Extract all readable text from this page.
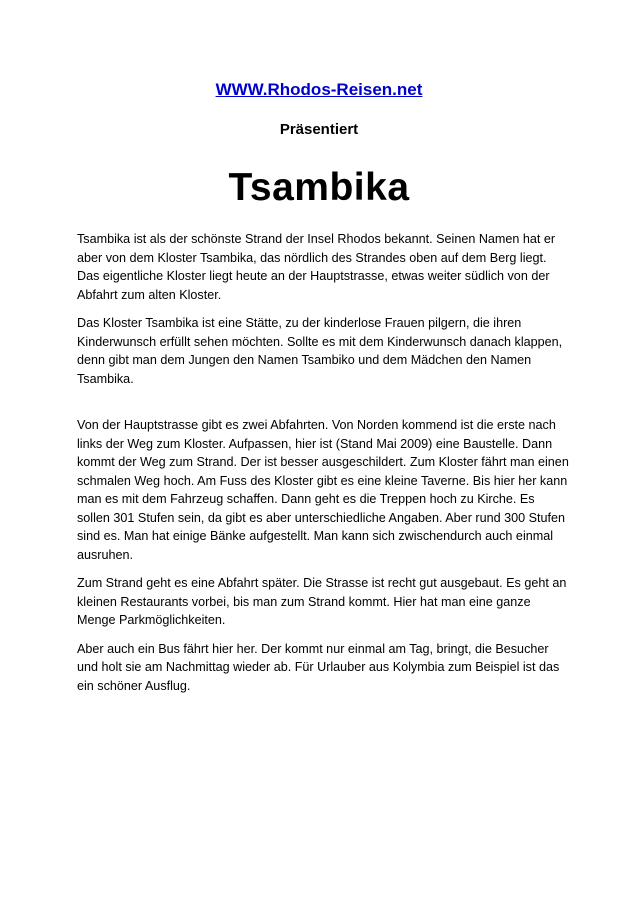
WWW.Rhodos-Reisen.net
Präsentiert
Tsambika

Tsambika ist als der schönste Strand der Insel Rhodos bekannt. Seinen Namen hat er aber von dem Kloster Tsambika, das nördlich des Strandes oben auf dem Berg liegt. Das eigentliche Kloster liegt heute an der Hauptstrasse, etwas weiter südlich von der Abfahrt zum alten Kloster.

Das Kloster Tsambika ist eine Stätte, zu der kinderlose Frauen pilgern, die ihren Kinderwunsch erfüllt sehen möchten. Sollte es mit dem Kinderwunsch danach klappen, denn gibt man dem Jungen den Namen Tsambiko und dem Mädchen den Namen Tsambika.

Von der Hauptstrasse gibt es zwei Abfahrten. Von Norden kommend ist die erste nach links der Weg zum Kloster. Aufpassen, hier ist (Stand Mai 2009) eine Baustelle. Dann kommt der Weg zum Strand. Der ist besser ausgeschildert. Zum Kloster fährt man einen schmalen Weg hoch. Am Fuss des Kloster gibt es eine kleine Taverne. Bis hier her kann man es mit dem Fahrzeug schaffen. Dann geht es die Treppen hoch zu Kirche. Es sollen 301 Stufen sein, da gibt es aber unterschiedliche Angaben. Aber rund 300 Stufen sind es. Man hat einige Bänke aufgestellt. Man kann sich zwischendurch auch einmal ausruhen.

Zum Strand geht es eine Abfahrt später. Die Strasse ist recht gut ausgebaut. Es geht an kleinen Restaurants vorbei, bis man zum Strand kommt. Hier hat man eine ganze Menge Parkmöglichkeiten.

Aber auch ein Bus fährt hier her. Der kommt nur einmal am Tag, bringt, die Besucher und holt sie am Nachmittag wieder ab. Für Urlauber aus Kolymbia zum Beispiel ist das ein schöner Ausflug.
